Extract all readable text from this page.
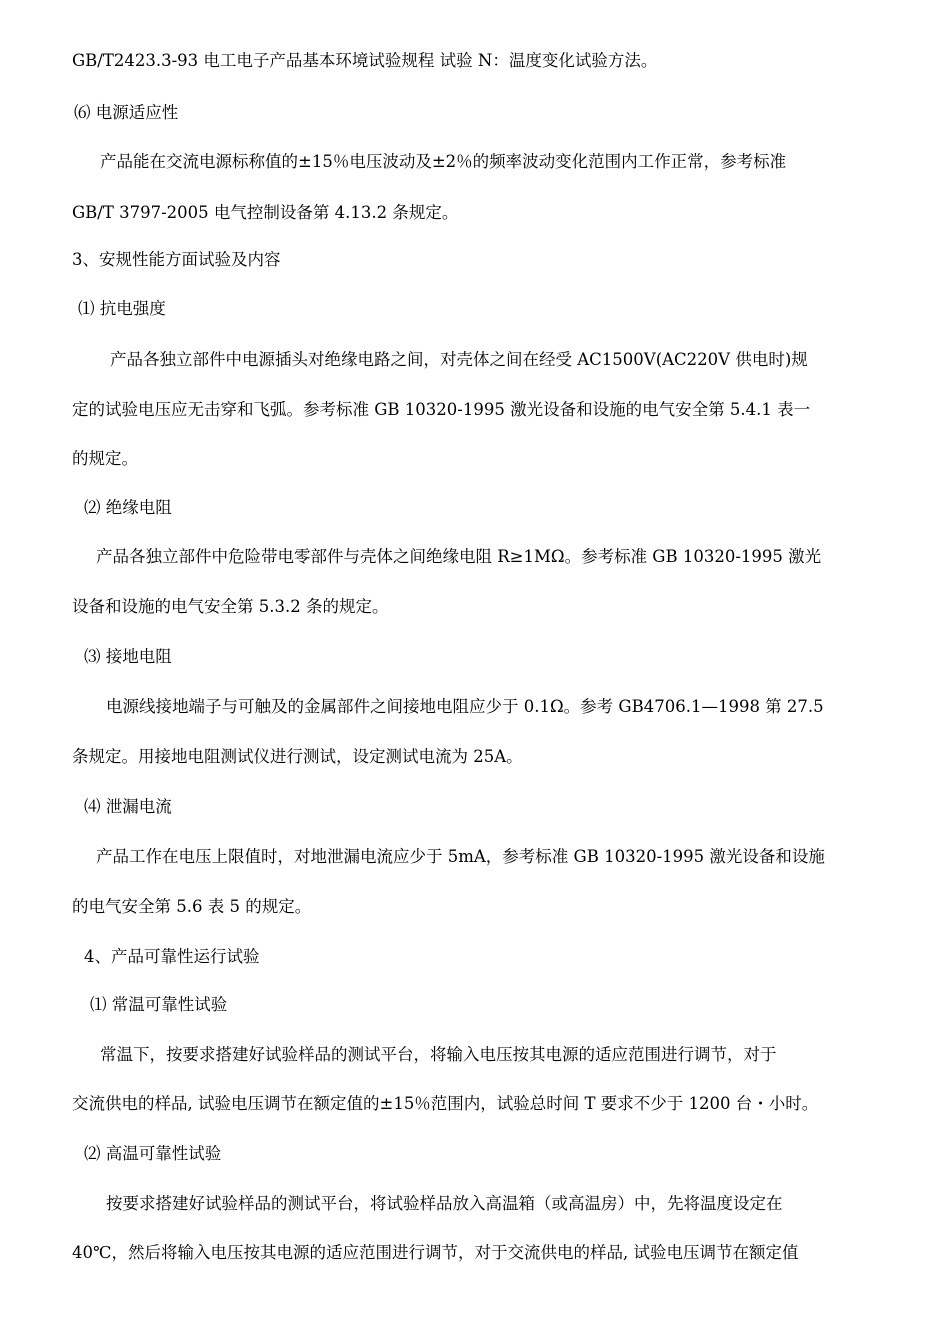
GB/T2423.3-93 电工电子产品基本环境试验规程 试验 N：温度变化试验方法。
⑹ 电源适应性
产品能在交流电源标称值的±15％电压波动及±2％的频率波动变化范围内工作正常，参考标准
GB/T 3797-2005 电气控制设备第 4.13.2 条规定。
3、安规性能方面试验及内容
⑴ 抗电强度
产品各独立部件中电源插头对绝缘电路之间，对壳体之间在经受 AC1500V(AC220V 供电时)规
定的试验电压应无击穿和飞弧。参考标准 GB 10320-1995 激光设备和设施的电气安全第 5.4.1 表一
的规定。
⑵ 绝缘电阻
产品各独立部件中危险带电零部件与壳体之间绝缘电阻 R≥1MΩ。参考标准 GB 10320-1995 激光
设备和设施的电气安全第 5.3.2 条的规定。
⑶ 接地电阻
电源线接地端子与可触及的金属部件之间接地电阻应少于 0.1Ω。参考 GB4706.1—1998 第 27.5
条规定。用接地电阻测试仪进行测试，设定测试电流为 25A。
⑷ 泄漏电流
产品工作在电压上限值时，对地泄漏电流应少于 5mA，参考标准 GB 10320-1995 激光设备和设施
的电气安全第 5.6 表 5 的规定。
4、产品可靠性运行试验
⑴ 常温可靠性试验
常温下，按要求搭建好试验样品的测试平台，将输入电压按其电源的适应范围进行调节，对于
交流供电的样品, 试验电压调节在额定值的±15％范围内，试验总时间 T 要求不少于 1200 台・小时。
⑵ 高温可靠性试验
按要求搭建好试验样品的测试平台，将试验样品放入高温箱（或高温房）中，先将温度设定在
40℃，然后将输入电压按其电源的适应范围进行调节，对于交流供电的样品, 试验电压调节在额定值
